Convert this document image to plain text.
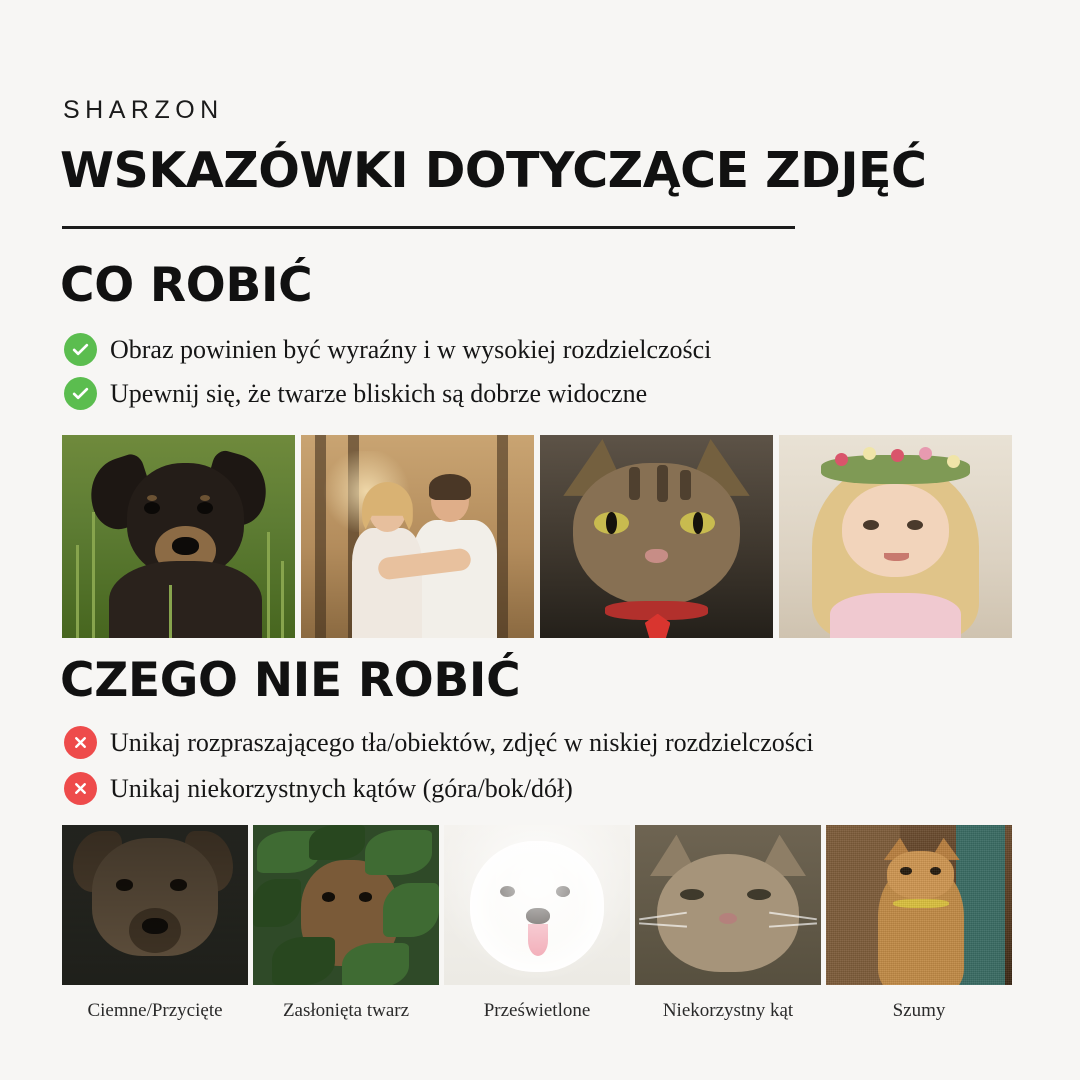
SHARZON
WSKAZÓWKI DOTYCZĄCE ZDJĘĆ
CO ROBIĆ
Obraz powinien być wyraźny i w wysokiej rozdzielczości
Upewnij się, że twarze bliskich są dobrze widoczne
CZEGO NIE ROBIĆ
Unikaj rozpraszającego tła/obiektów, zdjęć w niskiej rozdzielczości
Unikaj niekorzystnych kątów (góra/bok/dół)
Ciemne/Przycięte	Zasłonięta twarz	Prześwietlone	Niekorzystny kąt	Szumy
